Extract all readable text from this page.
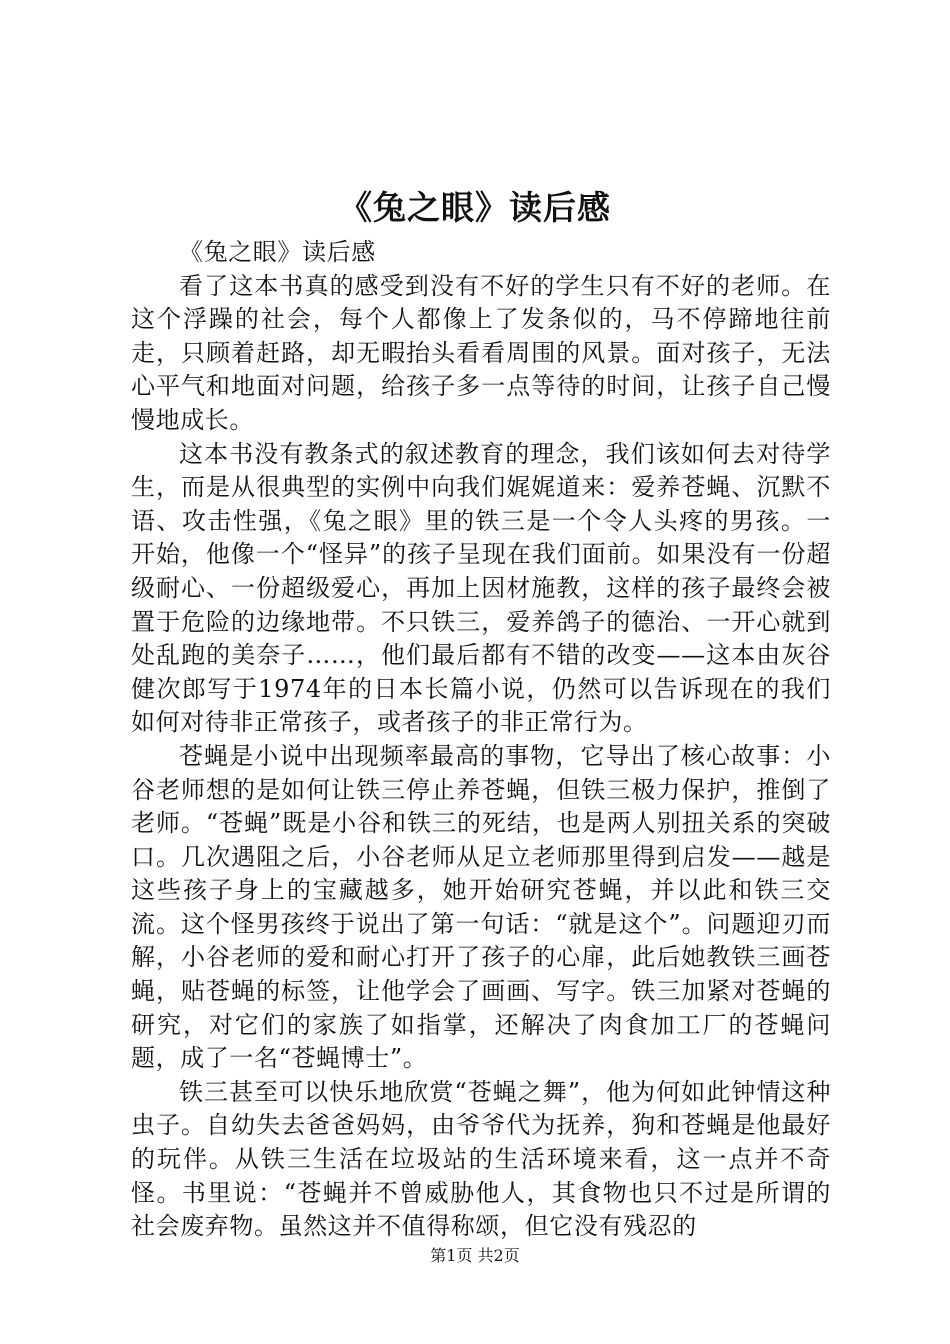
《兔之眼》读后感

《兔之眼》读后感

看了这本书真的感受到没有不好的学生只有不好的老师。在这个浮躁的社会，每个人都像上了发条似的，马不停蹄地往前走，只顾着赶路，却无暇抬头看看周围的风景。面对孩子，无法心平气和地面对问题，给孩子多一点等待的时间，让孩子自己慢慢地成长。

这本书没有教条式的叙述教育的理念，我们该如何去对待学生，而是从很典型的实例中向我们娓娓道来：爱养苍蝇、沉默不语、攻击性强，《兔之眼》里的铁三是一个令人头疼的男孩。一开始，他像一个“怪异”的孩子呈现在我们面前。如果没有一份超级耐心、一份超级爱心，再加上因材施教，这样的孩子最终会被置于危险的边缘地带。不只铁三，爱养鸽子的德治、一开心就到处乱跑的美奈子……，他们最后都有不错的改变——这本由灰谷健次郎写于1974年的日本长篇小说，仍然可以告诉现在的我们如何对待非正常孩子，或者孩子的非正常行为。

苍蝇是小说中出现频率最高的事物，它导出了核心故事：小谷老师想的是如何让铁三停止养苍蝇，但铁三极力保护，推倒了老师。“苍蝇”既是小谷和铁三的死结，也是两人别扭关系的突破口。几次遇阻之后，小谷老师从足立老师那里得到启发——越是这些孩子身上的宝藏越多，她开始研究苍蝇，并以此和铁三交流。这个怪男孩终于说出了第一句话：“就是这个”。问题迎刃而解，小谷老师的爱和耐心打开了孩子的心扉，此后她教铁三画苍蝇，贴苍蝇的标签，让他学会了画画、写字。铁三加紧对苍蝇的研究，对它们的家族了如指掌，还解决了肉食加工厂的苍蝇问题，成了一名“苍蝇博士”。

铁三甚至可以快乐地欣赏“苍蝇之舞”，他为何如此钟情这种虫子。自幼失去爸爸妈妈，由爷爷代为抚养，狗和苍蝇是他最好的玩伴。从铁三生活在垃圾站的生活环境来看，这一点并不奇怪。书里说：“苍蝇并不曾威胁他人，其食物也只不过是所谓的社会废弃物。虽然这并不值得称颂，但它没有残忍的

第1页 共2页
